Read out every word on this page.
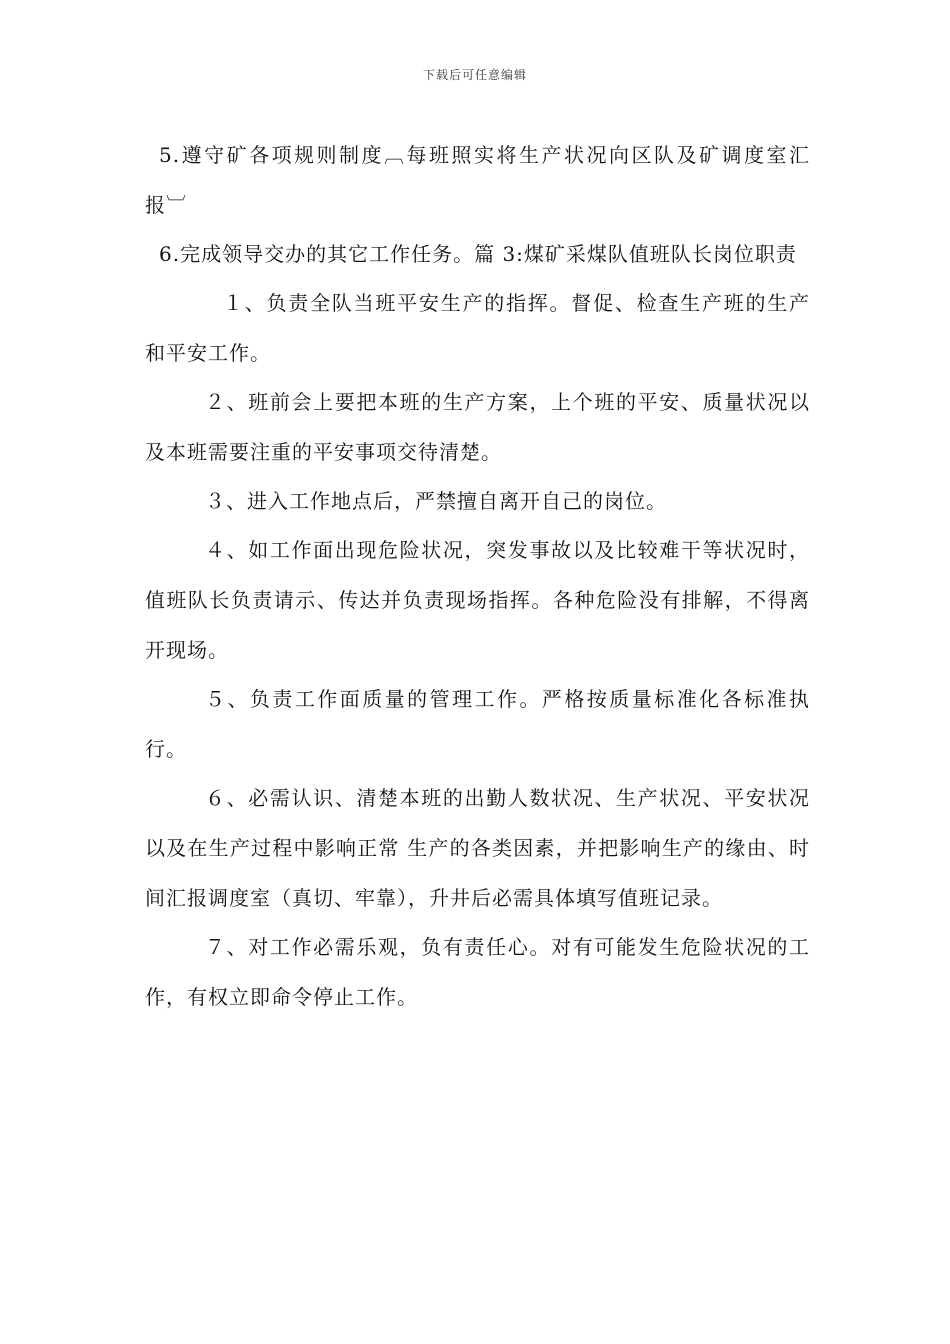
下载后可任意编辑

5.遵守矿各项规则制度︹每班照实将生产状况向区队及矿调度室汇报︺

6.完成领导交办的其它工作任务。篇 3:煤矿采煤队值班队长岗位职责

１、负责全队当班平安生产的指挥。督促、检查生产班的生产和平安工作。

２、班前会上要把本班的生产方案，上个班的平安、质量状况以及本班需要注重的平安事项交待清楚。

３、进入工作地点后，严禁擅自离开自己的岗位。

４、如工作面出现危险状况，突发事故以及比较难干等状况时，值班队长负责请示、传达并负责现场指挥。各种危险没有排解，不得离开现场。

５、负责工作面质量的管理工作。严格按质量标准化各标准执行。

６、必需认识、清楚本班的出勤人数状况、生产状况、平安状况以及在生产过程中影响正常 生产的各类因素，并把影响生产的缘由、时间汇报调度室（真切、牢靠），升井后必需具体填写值班记录。

７、对工作必需乐观，负有责任心。对有可能发生危险状况的工作，有权立即命令停止工作。
